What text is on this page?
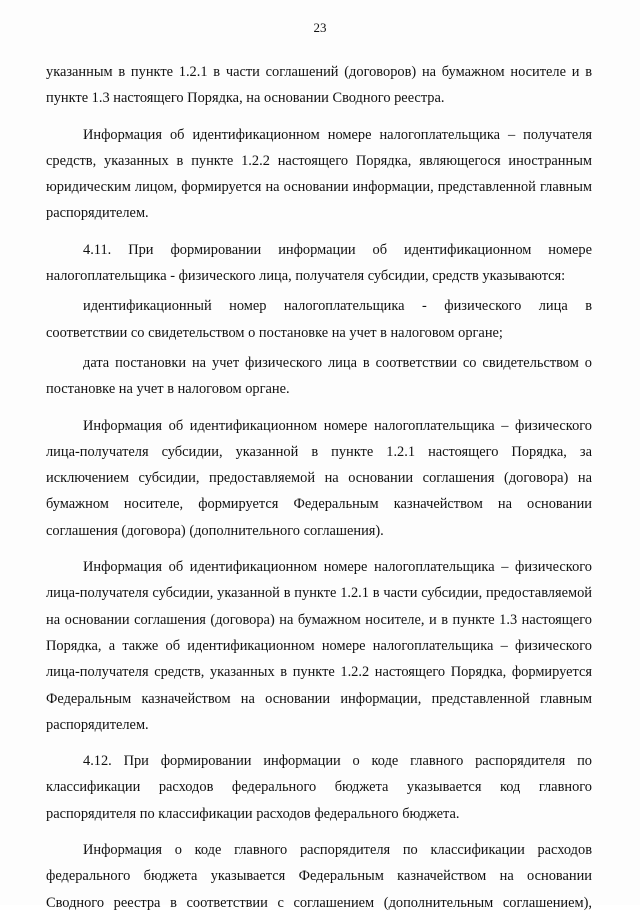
23

указанным в пункте 1.2.1 в части соглашений (договоров) на бумажном носителе и в пункте 1.3 настоящего Порядка, на основании Сводного реестра.

Информация об идентификационном номере налогоплательщика – получателя средств, указанных в пункте 1.2.2 настоящего Порядка, являющегося иностранным юридическим лицом, формируется на основании информации, представленной главным распорядителем.

4.11. При формировании информации об идентификационном номере налогоплательщика - физического лица, получателя субсидии, средств указываются:

идентификационный номер налогоплательщика - физического лица в соответствии со свидетельством о постановке на учет в налоговом органе;

дата постановки на учет физического лица в соответствии со свидетельством о постановке на учет в налоговом органе.

Информация об идентификационном номере налогоплательщика – физического лица-получателя субсидии, указанной в пункте 1.2.1 настоящего Порядка, за исключением субсидии, предоставляемой на основании соглашения (договора) на бумажном носителе, формируется Федеральным казначейством на основании соглашения (договора) (дополнительного соглашения).

Информация об идентификационном номере налогоплательщика – физического лица-получателя субсидии, указанной в пункте 1.2.1 в части субсидии, предоставляемой на основании соглашения (договора) на бумажном носителе, и в пункте 1.3 настоящего Порядка, а также об идентификационном номере налогоплательщика – физического лица-получателя средств, указанных в пункте 1.2.2 настоящего Порядка, формируется Федеральным казначейством на основании информации, представленной главным распорядителем.

4.12. При формировании информации о коде главного распорядителя по классификации расходов федерального бюджета указывается код главного распорядителя по классификации расходов федерального бюджета.

Информация о коде главного распорядителя по классификации расходов федерального бюджета указывается Федеральным казначейством на основании Сводного реестра в соответствии с соглашением (дополнительным соглашением),
